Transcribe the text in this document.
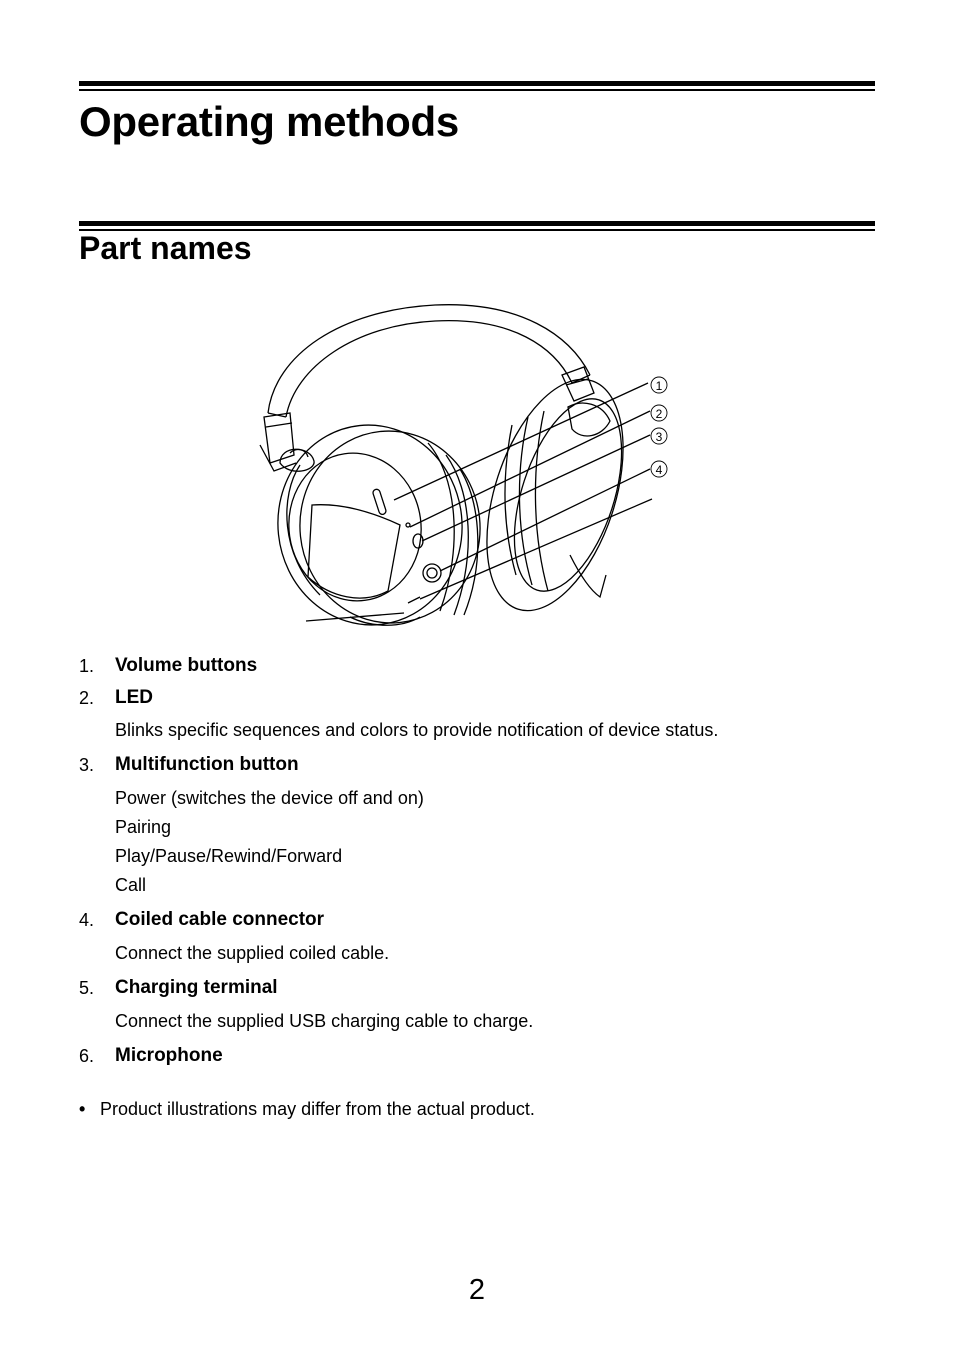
Operating methods
Part names
1
2
3
4
1. Volume buttons
2. LED
Blinks specific sequences and colors to provide notification of device status.
3. Multifunction button
Power (switches the device off and on)
Pairing
Play/Pause/Rewind/Forward
Call
4. Coiled cable connector
Connect the supplied coiled cable.
5. Charging terminal
Connect the supplied USB charging cable to charge.
6. Microphone
• Product illustrations may differ from the actual product.
2
